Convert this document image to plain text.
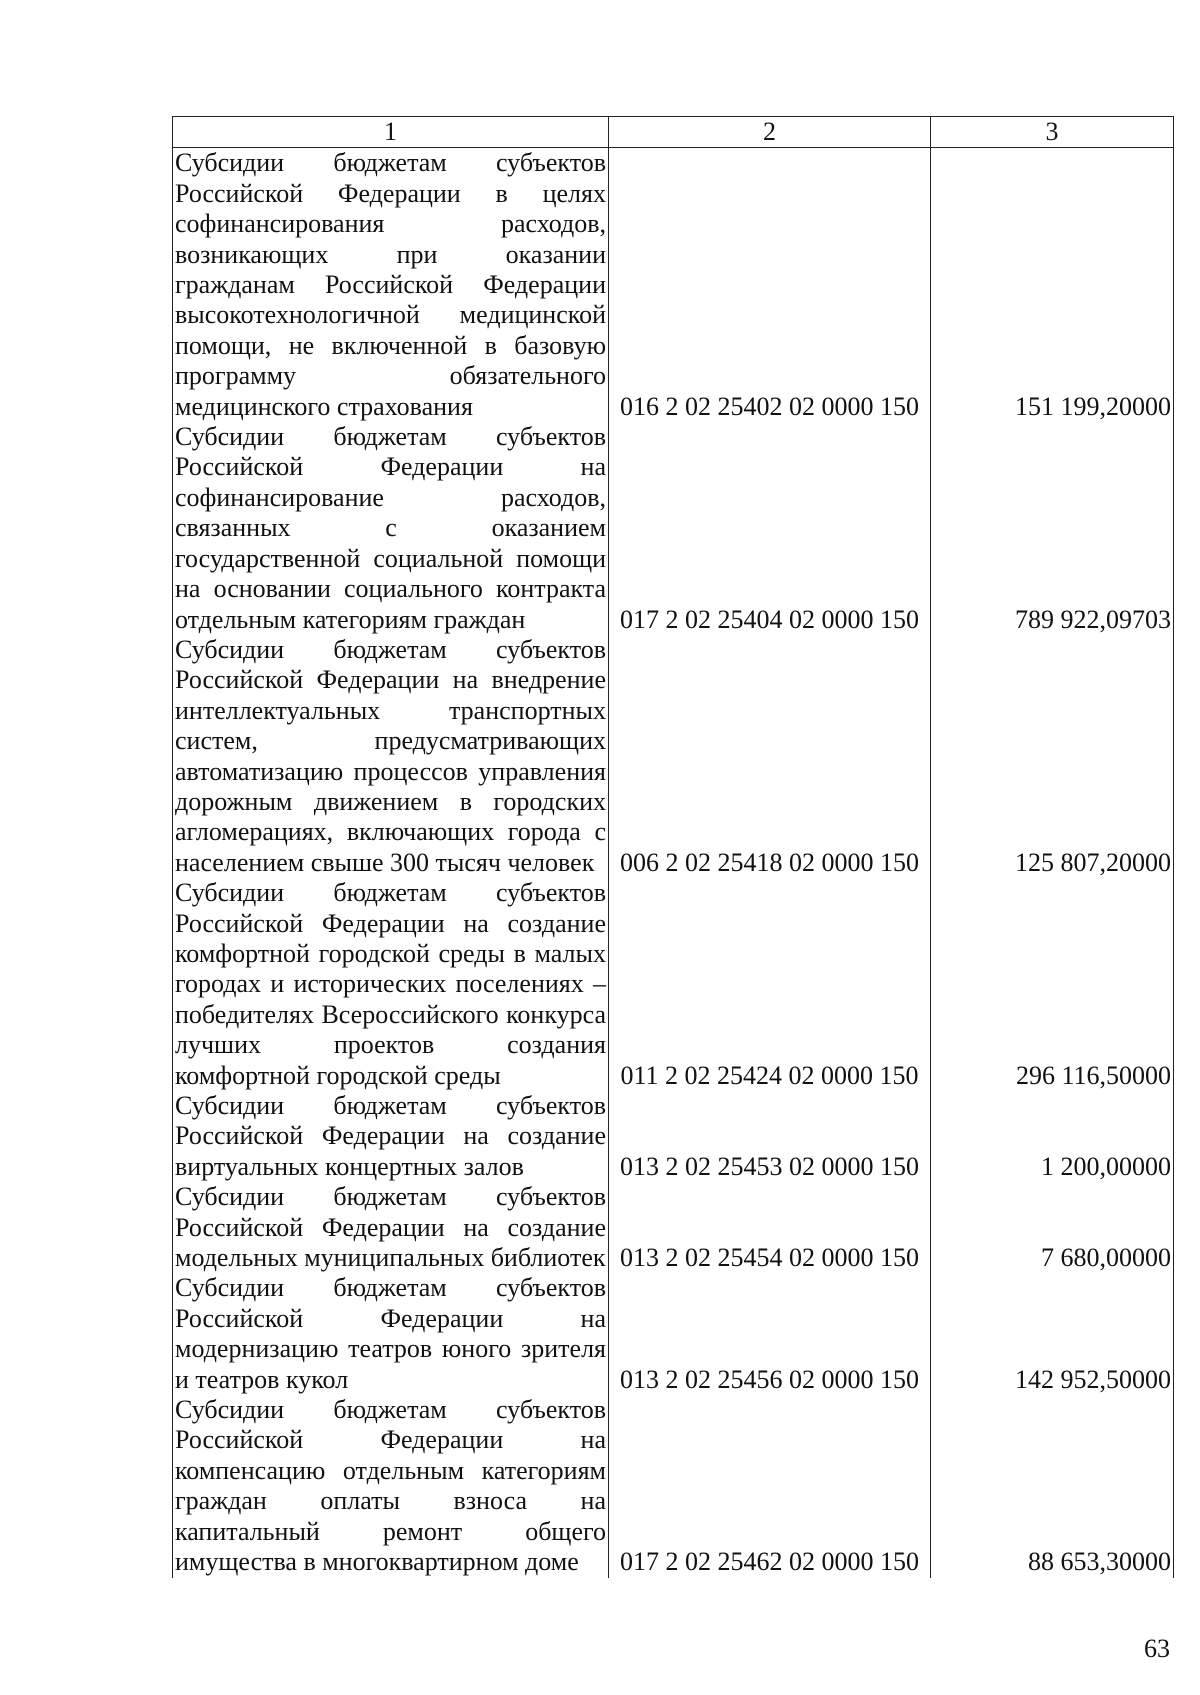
1	2	3
Субсидии бюджетам субъектов Российской Федерации в целях софинансирования расходов, возникающих при оказании гражданам Российской Федерации высокотехнологичной медицинской помощи, не включенной в базовую программу обязательного медицинского страхования	016 2 02 25402 02 0000 150	151 199,20000
Субсидии бюджетам субъектов Российской Федерации на софинансирование расходов, связанных с оказанием государственной социальной помощи на основании социального контракта отдельным категориям граждан	017 2 02 25404 02 0000 150	789 922,09703
Субсидии бюджетам субъектов Российской Федерации на внедрение интеллектуальных транспортных систем, предусматривающих автоматизацию процессов управления дорожным движением в городских агломерациях, включающих города с населением свыше 300 тысяч человек	006 2 02 25418 02 0000 150	125 807,20000
Субсидии бюджетам субъектов Российской Федерации на создание комфортной городской среды в малых городах и исторических поселениях – победителях Всероссийского конкурса лучших проектов создания комфортной городской среды	011 2 02 25424 02 0000 150	296 116,50000
Субсидии бюджетам субъектов Российской Федерации на создание виртуальных концертных залов	013 2 02 25453 02 0000 150	1 200,00000
Субсидии бюджетам субъектов Российской Федерации на создание модельных муниципальных библиотек	013 2 02 25454 02 0000 150	7 680,00000
Субсидии бюджетам субъектов Российской Федерации на модернизацию театров юного зрителя и театров кукол	013 2 02 25456 02 0000 150	142 952,50000
Субсидии бюджетам субъектов Российской Федерации на компенсацию отдельным категориям граждан оплаты взноса на капитальный ремонт общего имущества в многоквартирном доме	017 2 02 25462 02 0000 150	88 653,30000
63
